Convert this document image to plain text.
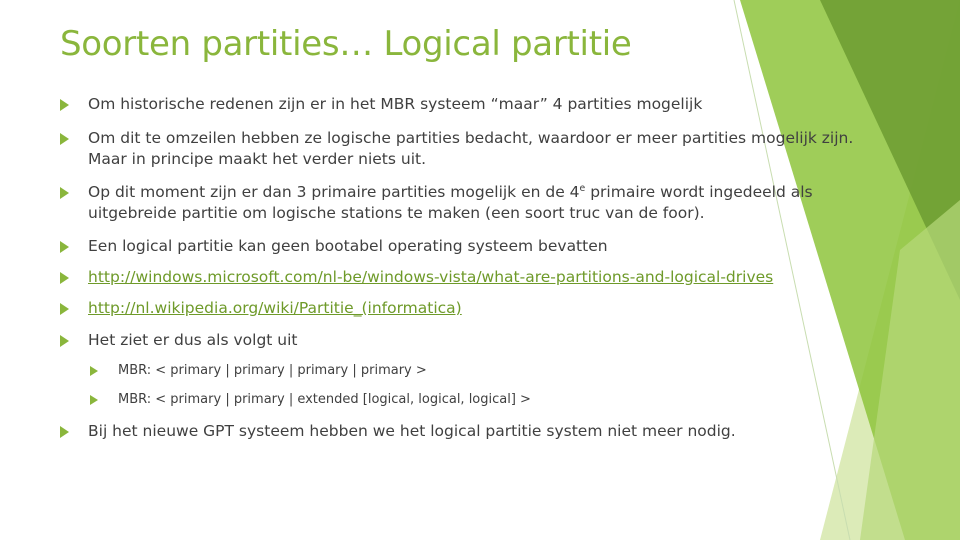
Soorten partities… Logical partitie
Om historische redenen zijn er in het MBR systeem “maar” 4 partities mogelijk
Om dit te omzeilen hebben ze logische partities bedacht, waardoor er meer partities mogelijk zijn. Maar in principe maakt het verder niets uit.
Op dit moment zijn er dan 3 primaire partities mogelijk en de 4e primaire wordt ingedeeld als uitgebreide partitie om logische stations te maken (een soort truc van de foor).
Een logical partitie kan geen bootabel operating systeem bevatten
http://windows.microsoft.com/nl-be/windows-vista/what-are-partitions-and-logical-drives
http://nl.wikipedia.org/wiki/Partitie_(informatica)
Het ziet er dus als volgt uit
MBR: < primary | primary | primary | primary >
MBR: < primary | primary | extended [logical, logical, logical] >
Bij het nieuwe GPT systeem hebben we het logical partitie system niet meer nodig.
